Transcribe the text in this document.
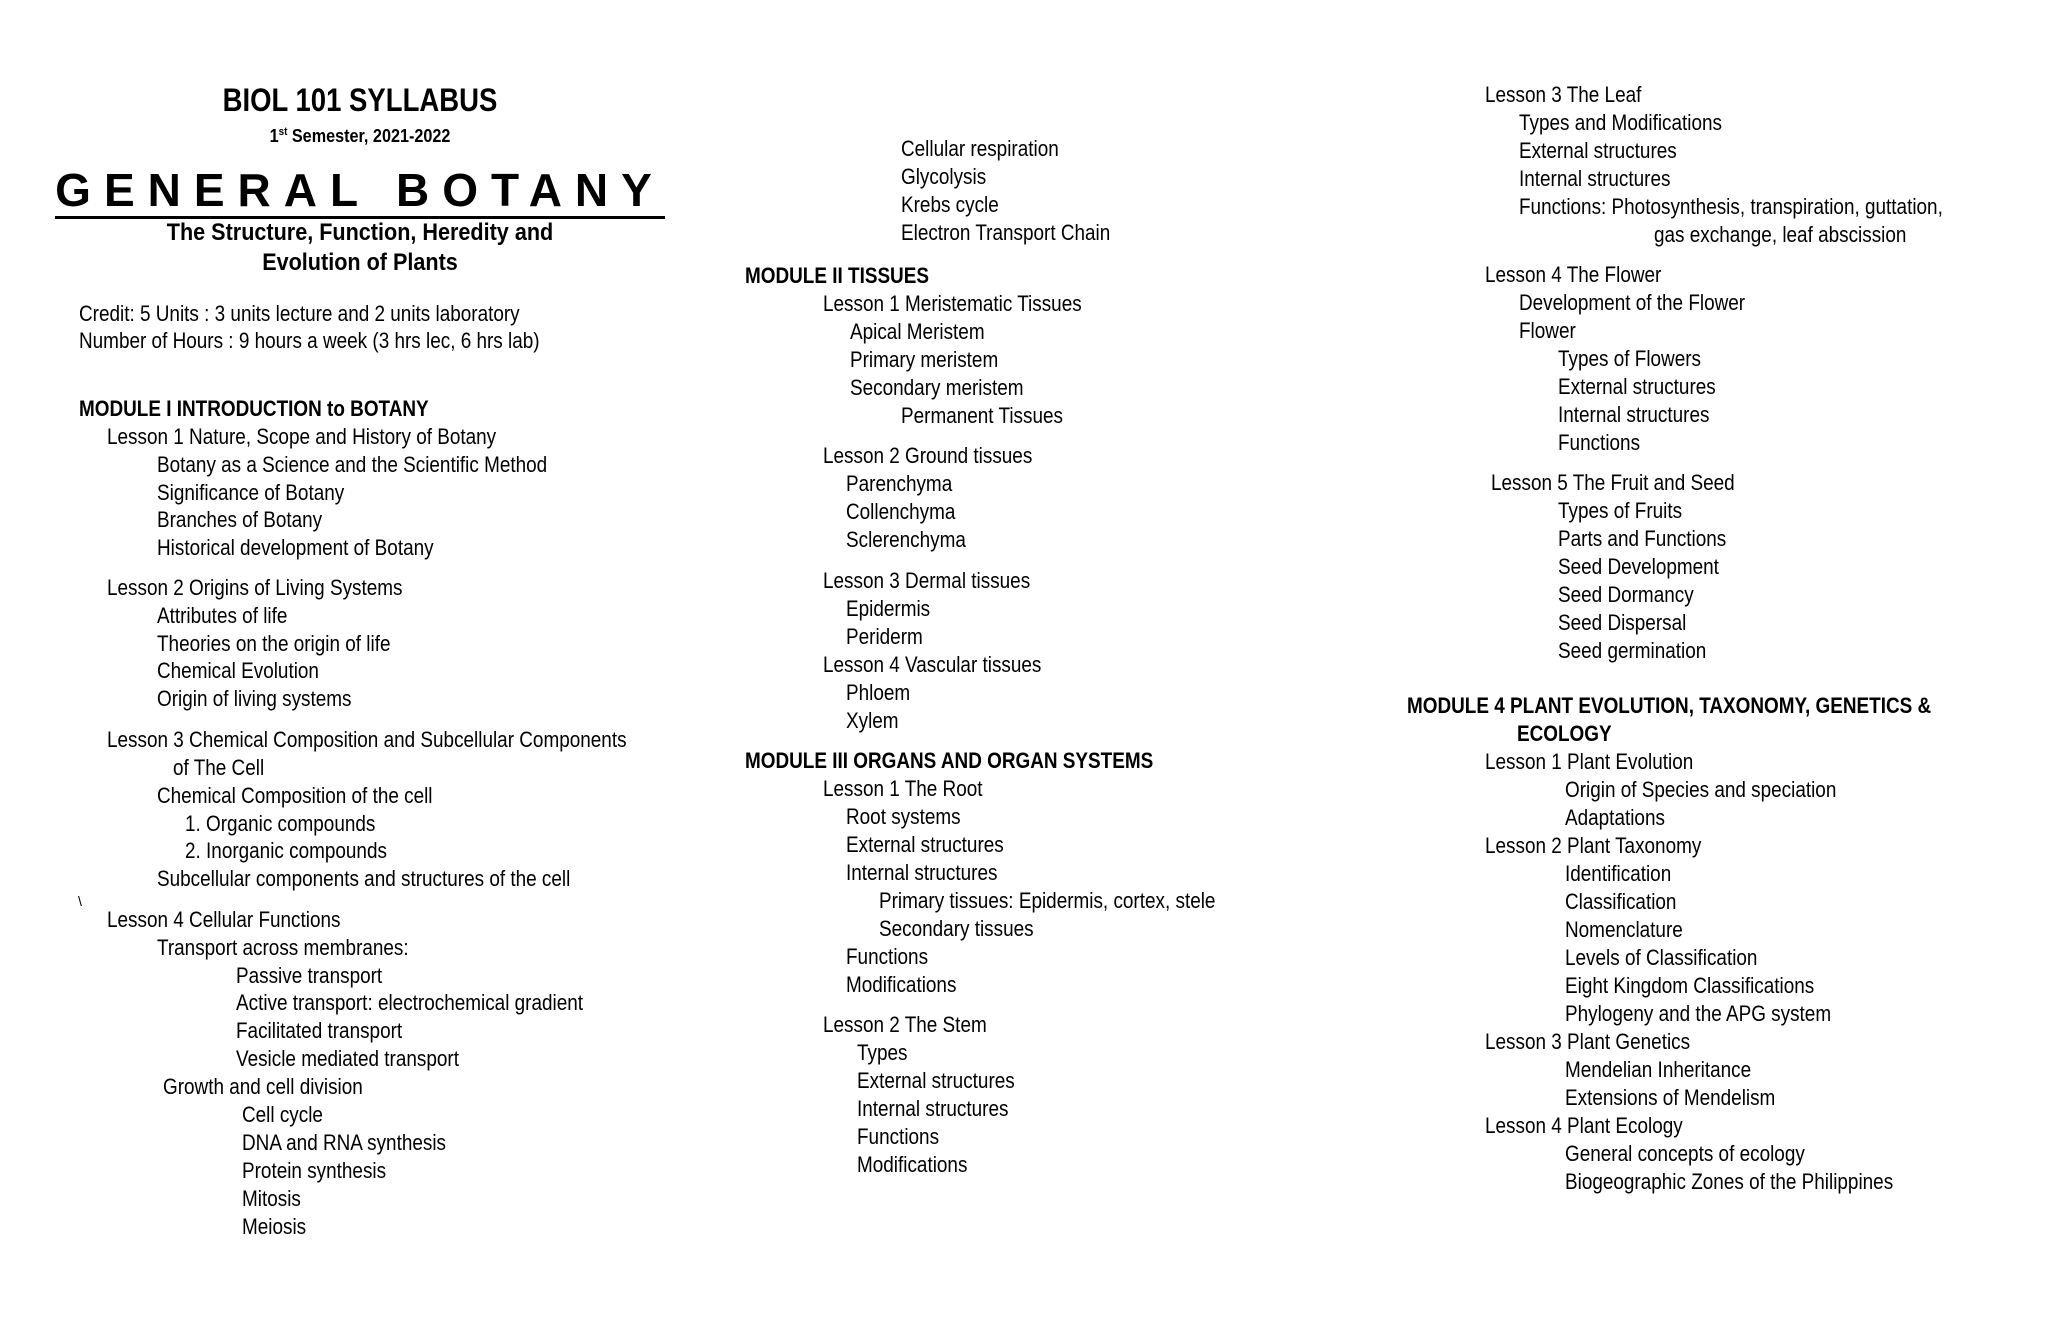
BIOL 101 SYLLABUS
1st Semester, 2021-2022
GENERAL BOTANY
The Structure, Function, Heredity and Evolution of Plants
Credit: 5 Units : 3 units lecture and 2 units laboratory
Number of Hours : 9 hours a week (3 hrs lec, 6 hrs lab)
MODULE I INTRODUCTION to BOTANY
Lesson 1 Nature, Scope and History of Botany
Botany as a Science and the Scientific Method
Significance of Botany
Branches of Botany
Historical development of Botany
Lesson 2 Origins of Living Systems
Attributes of life
Theories on the origin of life
Chemical Evolution
Origin of living systems
Lesson 3 Chemical Composition and Subcellular Components
of The Cell
Chemical Composition of the cell
1. Organic compounds
2. Inorganic compounds
Subcellular components and structures of the cell
\
Lesson 4 Cellular Functions
Transport across membranes:
Passive transport
Active transport: electrochemical gradient
Facilitated transport
Vesicle mediated transport
Growth and cell division
Cell cycle
DNA and RNA synthesis
Protein synthesis
Mitosis
Meiosis
Cellular respiration
Glycolysis
Krebs cycle
Electron Transport Chain
MODULE II TISSUES
Lesson 1 Meristematic Tissues
Apical Meristem
Primary meristem
Secondary meristem
Permanent Tissues
Lesson 2 Ground tissues
Parenchyma
Collenchyma
Sclerenchyma
Lesson 3 Dermal tissues
Epidermis
Periderm
Lesson 4 Vascular tissues
Phloem
Xylem
MODULE III ORGANS AND ORGAN SYSTEMS
Lesson 1 The Root
Root systems
External structures
Internal structures
Primary tissues: Epidermis, cortex, stele
Secondary tissues
Functions
Modifications
Lesson 2 The Stem
Types
External structures
Internal structures
Functions
Modifications
Lesson 3 The Leaf
Types and Modifications
External structures
Internal structures
Functions: Photosynthesis, transpiration, guttation,
gas exchange, leaf abscission
Lesson 4 The Flower
Development of the Flower
Flower
Types of Flowers
External structures
Internal structures
Functions
Lesson 5 The Fruit and Seed
Types of Fruits
Parts and Functions
Seed Development
Seed Dormancy
Seed Dispersal
Seed germination
MODULE 4 PLANT EVOLUTION, TAXONOMY, GENETICS &
ECOLOGY
Lesson 1 Plant Evolution
Origin of Species and speciation
Adaptations
Lesson 2 Plant Taxonomy
Identification
Classification
Nomenclature
Levels of Classification
Eight Kingdom Classifications
Phylogeny and the APG system
Lesson 3 Plant Genetics
Mendelian Inheritance
Extensions of Mendelism
Lesson 4 Plant Ecology
General concepts of ecology
Biogeographic Zones of the Philippines
